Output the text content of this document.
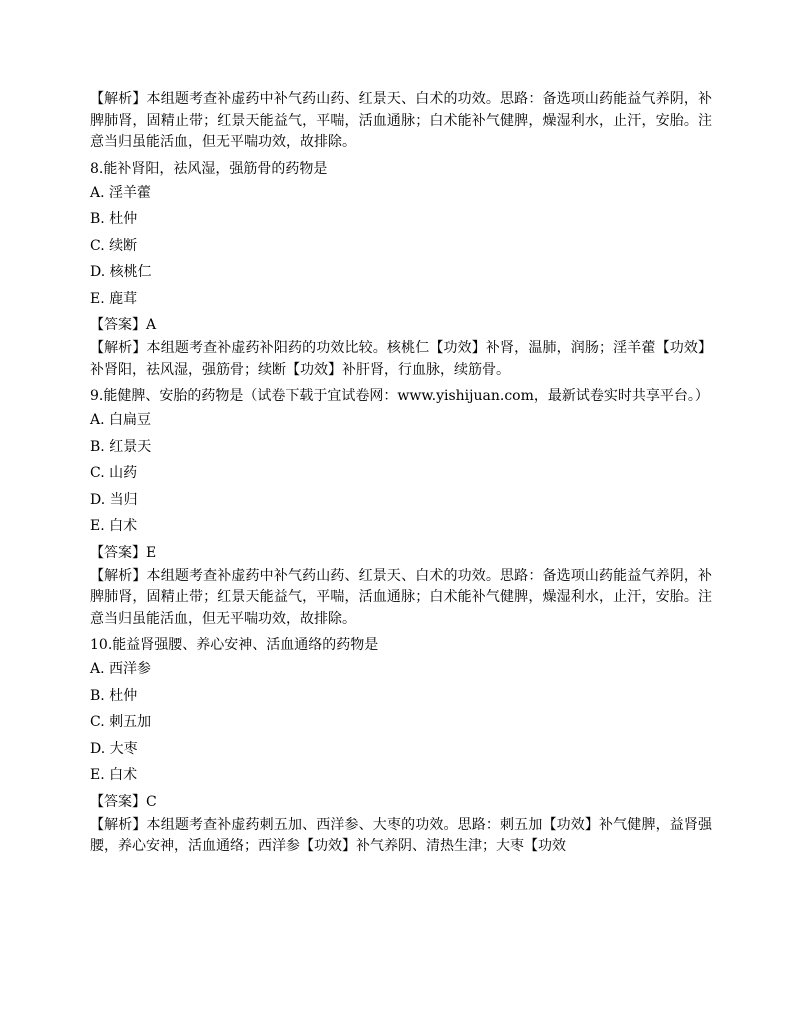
【解析】本组题考查补虚药中补气药山药、红景天、白术的功效。思路：备选项山药能益气养阴，补脾肺肾，固精止带；红景天能益气，平喘，活血通脉；白术能补气健脾，燥湿利水，止汗，安胎。注意当归虽能活血，但无平喘功效，故排除。

8.能补肾阳，祛风湿，强筋骨的药物是

A. 淫羊藿

B. 杜仲

C. 续断

D. 核桃仁

E. 鹿茸

【答案】A

【解析】本组题考查补虚药补阳药的功效比较。核桃仁【功效】补肾，温肺，润肠；淫羊藿【功效】补肾阳，祛风湿，强筋骨；续断【功效】补肝肾，行血脉，续筋骨。

9.能健脾、安胎的药物是（试卷下载于宜试卷网：www.yishijuan.com，最新试卷实时共享平台。）

A. 白扁豆

B. 红景天

C. 山药

D. 当归

E. 白术

【答案】E

【解析】本组题考查补虚药中补气药山药、红景天、白术的功效。思路：备选项山药能益气养阴，补脾肺肾，固精止带；红景天能益气，平喘，活血通脉；白术能补气健脾，燥湿利水，止汗，安胎。注意当归虽能活血，但无平喘功效，故排除。

10.能益肾强腰、养心安神、活血通络的药物是

A. 西洋参

B. 杜仲

C. 刺五加

D. 大枣

E. 白术

【答案】C

【解析】本组题考查补虚药刺五加、西洋参、大枣的功效。思路：刺五加【功效】补气健脾，益肾强腰，养心安神，活血通络；西洋参【功效】补气养阴、清热生津；大枣【功效
